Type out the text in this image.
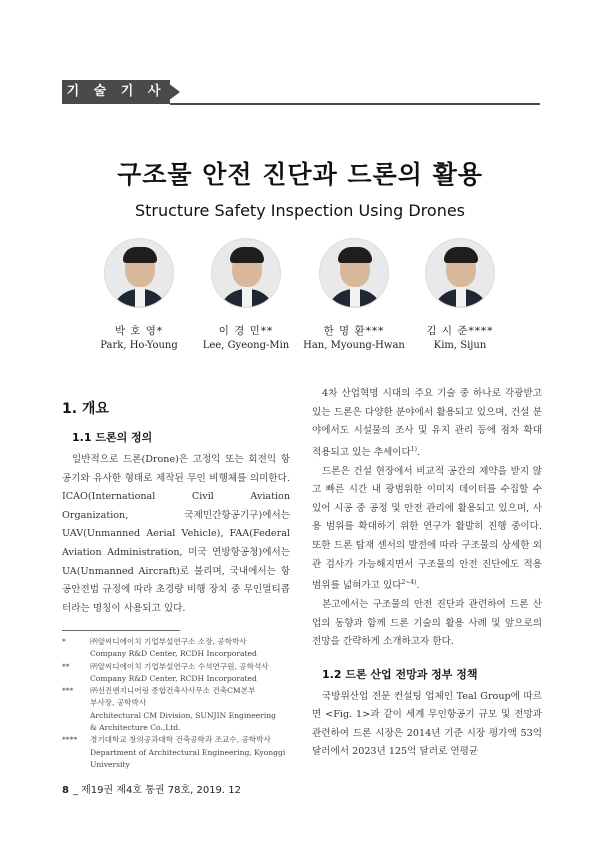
기 술 기 사
구조물 안전 진단과 드론의 활용
Structure Safety Inspection Using Drones
박 호 영*
Park, Ho-Young
이 경 민**
Lee, Gyeong-Min
한 명 환***
Han, Myoung-Hwan
김 시 준****
Kim, Sijun
1. 개요
1.1 드론의 정의

일반적으로 드론(Drone)은 고정익 또는 회전익 항공기와 유사한 형태로 제작된 무인 비행체를 의미한다. ICAO(International Civil Aviation Organization, 국제민간항공기구)에서는 UAV(Unmanned Aerial Vehicle), FAA(Federal Aviation Administration, 미국 연방항공청)에서는 UA(Unmanned Aircraft)로 불리며, 국내에서는 항공안전법 규정에 따라 초경량 비행 장치 중 무인멀티콥터라는 명칭이 사용되고 있다.

4차 산업혁명 시대의 주요 기술 중 하나로 각광받고 있는 드론은 다양한 분야에서 활용되고 있으며, 건설 분야에서도 시설물의 조사 및 유지 관리 등에 점차 확대 적용되고 있는 추세이다$^{1)}$.

드론은 건설 현장에서 비교적 공간의 제약을 받지 않고 빠른 시간 내 광범위한 이미지 데이터를 수집할 수 있어 시공 중 공정 및 안전 관리에 활용되고 있으며, 사용 범위를 확대하기 위한 연구가 활발히 진행 중이다. 또한 드론 탑재 센서의 발전에 따라 구조물의 상세한 외관 검사가 가능해지면서 구조물의 안전 진단에도 적용 범위를 넓혀가고 있다$^{2\sim 4)}$.

본고에서는 구조물의 안전 진단과 관련하여 드론 산업의 동향과 함께 드론 기술의 활용 사례 및 앞으로의 전망을 간략하게 소개하고자 한다.

1.2 드론 산업 전망과 정부 정책

국방위산업 전문 컨설팅 업체인 Teal Group에 따르면 <Fig. 1>과 같이 세계 무인항공기 규모 및 전망과 관련하여 드론 시장은 2014년 기준 시장 평가액 53억 달러에서 2023년 125억 달러로 연평균

*	㈜알씨디에이치 기업부설연구소 소장, 공학박사
Company R&D Center, RCDH Incorporated
**	㈜알씨디에이치 기업부설연구소 수석연구원, 공학석사
Company R&D Center, RCDH Incorporated
***	㈜선진엔지니어링 종합건축사사무소 건축CM본부
부사장, 공학박사
Architectural CM Division, SUNJIN Engineering
& Architecture Co.,Ltd.
****	경기대학교 창의공과대학 건축공학과 조교수, 공학박사
Department of Architectural Engineering, Kyonggi
University
8 _ 제19권 제4호 통권 78호, 2019. 12
